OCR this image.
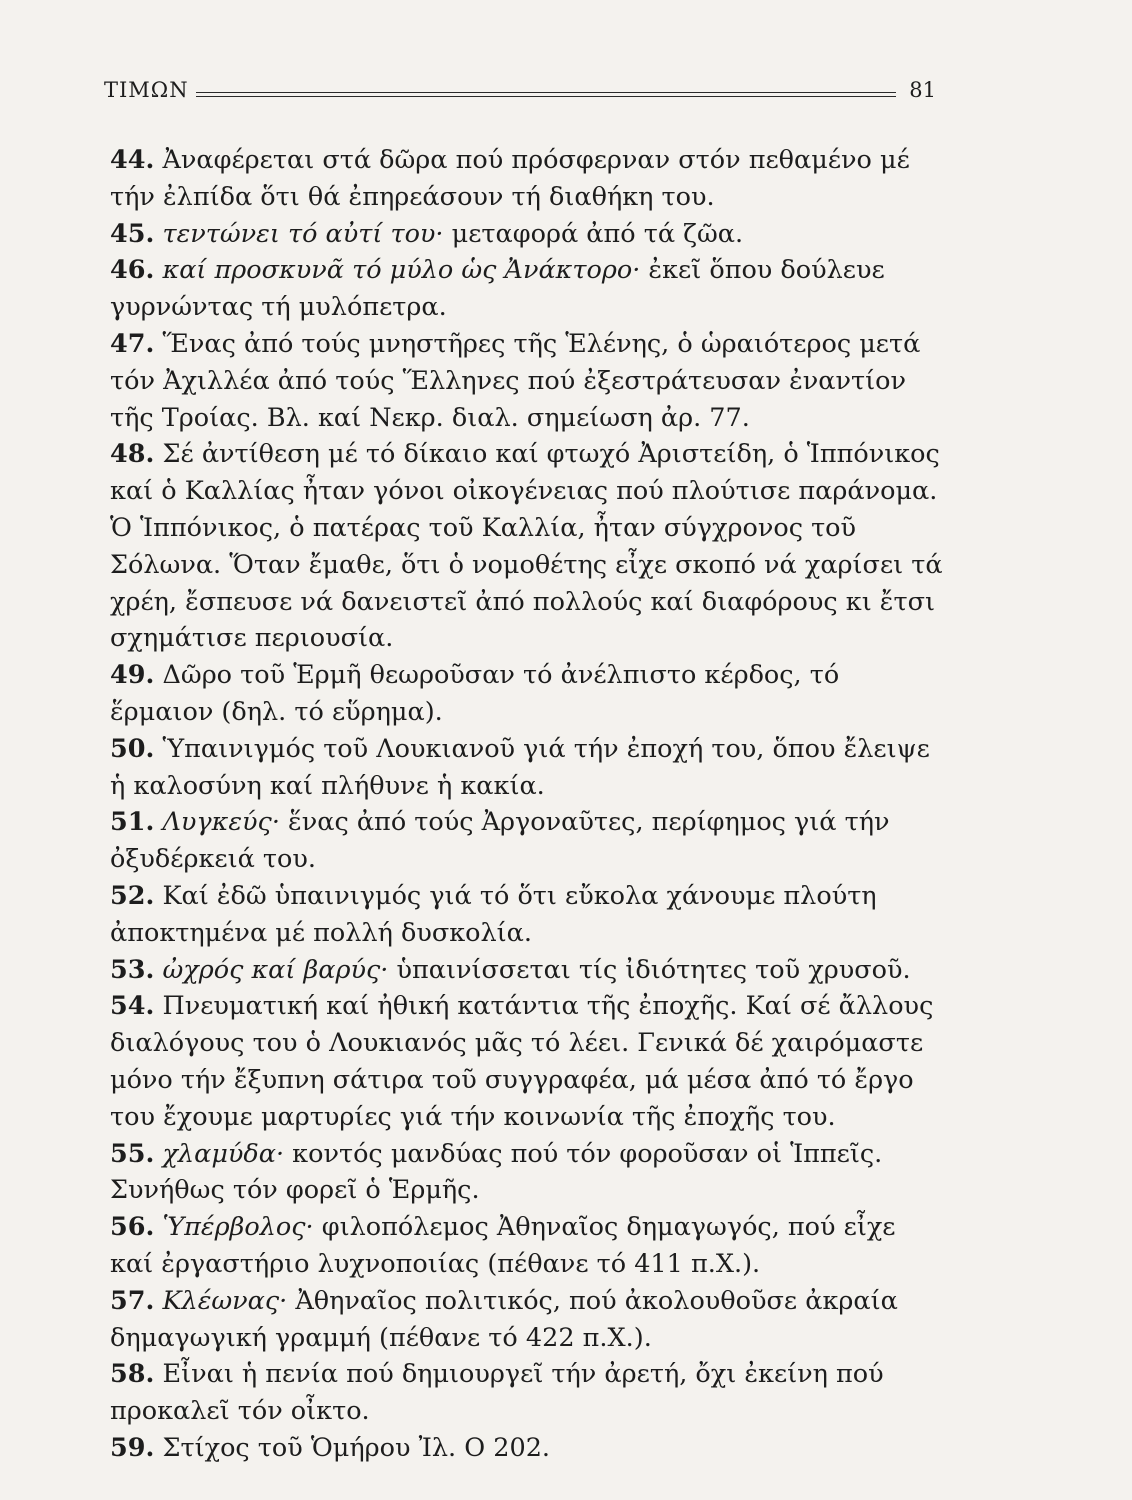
ΤΙΜΩΝ	81

44. Ἀναφέρεται στά δῶρα πού πρόσφερναν στόν πεθαμένο μέ τήν ἐλπίδα ὅτι θά ἐπηρεάσουν τή διαθήκη του.

45. τεντώνει τό αὐτί του· μεταφορά ἀπό τά ζῶα.

46. καί προσκυνᾶ τό μύλο ὡς Ἀνάκτορο· ἐκεῖ ὅπου δούλευε γυρνώντας τή μυλόπετρα.

47. Ἕνας ἀπό τούς μνηστῆρες τῆς Ἑλένης, ὁ ὡραιότερος μετά τόν Ἀχιλλέα ἀπό τούς Ἕλληνες πού ἐξεστράτευσαν ἐναντίον τῆς Τροίας. Βλ. καί Νεκρ. διαλ. σημείωση ἀρ. 77.

48. Σέ ἀντίθεση μέ τό δίκαιο καί φτωχό Ἀριστείδη, ὁ Ἱππόνικος καί ὁ Καλλίας ἦταν γόνοι οἰκογένειας πού πλούτισε παράνομα. Ὁ Ἱππόνικος, ὁ πατέρας τοῦ Καλλία, ἦταν σύγχρονος τοῦ Σόλωνα. Ὅταν ἔμαθε, ὅτι ὁ νομοθέτης εἶχε σκοπό νά χαρίσει τά χρέη, ἔσπευσε νά δανειστεῖ ἀπό πολλούς καί διαφόρους κι ἔτσι σχημάτισε περιουσία.

49. Δῶρο τοῦ Ἑρμῆ θεωροῦσαν τό ἀνέλπιστο κέρδος, τό ἕρμαιον (δηλ. τό εὕρημα).

50. Ὑπαινιγμός τοῦ Λουκιανοῦ γιά τήν ἐποχή του, ὅπου ἔλειψε ἡ καλοσύνη καί πλήθυνε ἡ κακία.

51. Λυγκεύς· ἕνας ἀπό τούς Ἀργοναῦτες, περίφημος γιά τήν ὀξυδέρκειά του.

52. Καί ἐδῶ ὑπαινιγμός γιά τό ὅτι εὔκολα χάνουμε πλούτη ἀποκτημένα μέ πολλή δυσκολία.

53. ὠχρός καί βαρύς· ὑπαινίσσεται τίς ἰδιότητες τοῦ χρυσοῦ.

54. Πνευματική καί ἠθική κατάντια τῆς ἐποχῆς. Καί σέ ἄλλους διαλόγους του ὁ Λουκιανός μᾶς τό λέει. Γενικά δέ χαιρόμαστε μόνο τήν ἔξυπνη σάτιρα τοῦ συγγραφέα, μά μέσα ἀπό τό ἔργο του ἔχουμε μαρτυρίες γιά τήν κοινωνία τῆς ἐποχῆς του.

55. χλαμύδα· κοντός μανδύας πού τόν φοροῦσαν οἱ Ἱππεῖς. Συνήθως τόν φορεῖ ὁ Ἑρμῆς.

56. Ὑπέρβολος· φιλοπόλεμος Ἀθηναῖος δημαγωγός, πού εἶχε καί ἐργαστήριο λυχνοποιίας (πέθανε τό 411 π.Χ.).

57. Κλέωνας· Ἀθηναῖος πολιτικός, πού ἀκολουθοῦσε ἀκραία δημαγωγική γραμμή (πέθανε τό 422 π.Χ.).

58. Εἶναι ἡ πενία πού δημιουργεῖ τήν ἀρετή, ὄχι ἐκείνη πού προκαλεῖ τόν οἶκτο.

59. Στίχος τοῦ Ὁμήρου Ἰλ. Ο 202.
